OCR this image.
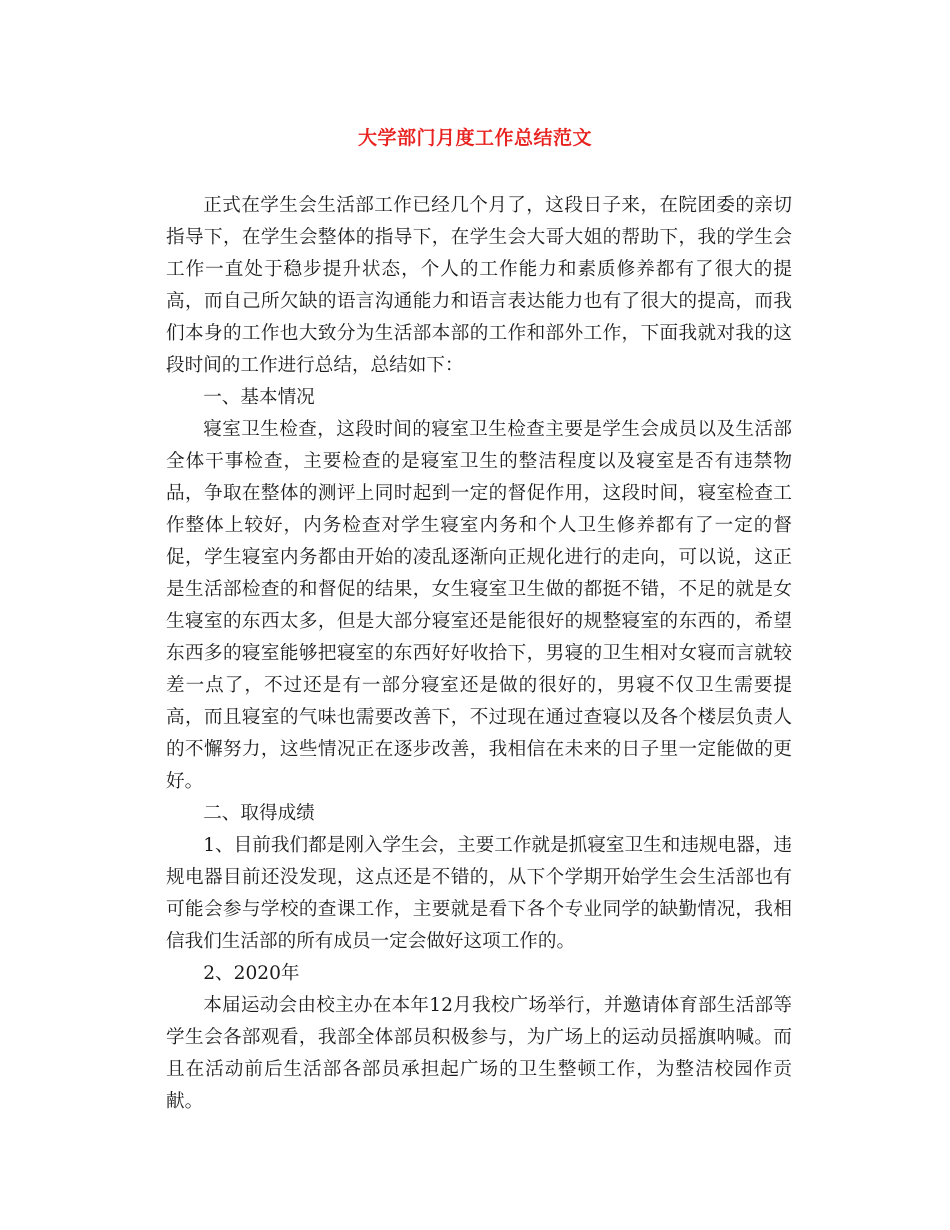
大学部门月度工作总结范文

正式在学生会生活部工作已经几个月了，这段日子来，在院团委的亲切指导下，在学生会整体的指导下，在学生会大哥大姐的帮助下，我的学生会工作一直处于稳步提升状态，个人的工作能力和素质修养都有了很大的提高，而自己所欠缺的语言沟通能力和语言表达能力也有了很大的提高，而我们本身的工作也大致分为生活部本部的工作和部外工作，下面我就对我的这段时间的工作进行总结，总结如下：

一、基本情况

寝室卫生检查，这段时间的寝室卫生检查主要是学生会成员以及生活部全体干事检查，主要检查的是寝室卫生的整洁程度以及寝室是否有违禁物品，争取在整体的测评上同时起到一定的督促作用，这段时间，寝室检查工作整体上较好，内务检查对学生寝室内务和个人卫生修养都有了一定的督促，学生寝室内务都由开始的凌乱逐渐向正规化进行的走向，可以说，这正是生活部检查的和督促的结果，女生寝室卫生做的都挺不错，不足的就是女生寝室的东西太多，但是大部分寝室还是能很好的规整寝室的东西的，希望东西多的寝室能够把寝室的东西好好收拾下，男寝的卫生相对女寝而言就较差一点了，不过还是有一部分寝室还是做的很好的，男寝不仅卫生需要提高，而且寝室的气味也需要改善下，不过现在通过查寝以及各个楼层负责人的不懈努力，这些情况正在逐步改善，我相信在未来的日子里一定能做的更好。

二、取得成绩

1、目前我们都是刚入学生会，主要工作就是抓寝室卫生和违规电器，违规电器目前还没发现，这点还是不错的，从下个学期开始学生会生活部也有可能会参与学校的查课工作，主要就是看下各个专业同学的缺勤情况，我相信我们生活部的所有成员一定会做好这项工作的。

2、2020年

本届运动会由校主办在本年12月我校广场举行，并邀请体育部生活部等学生会各部观看，我部全体部员积极参与，为广场上的运动员摇旗呐喊。而且在活动前后生活部各部员承担起广场的卫生整顿工作，为整洁校园作贡献。
